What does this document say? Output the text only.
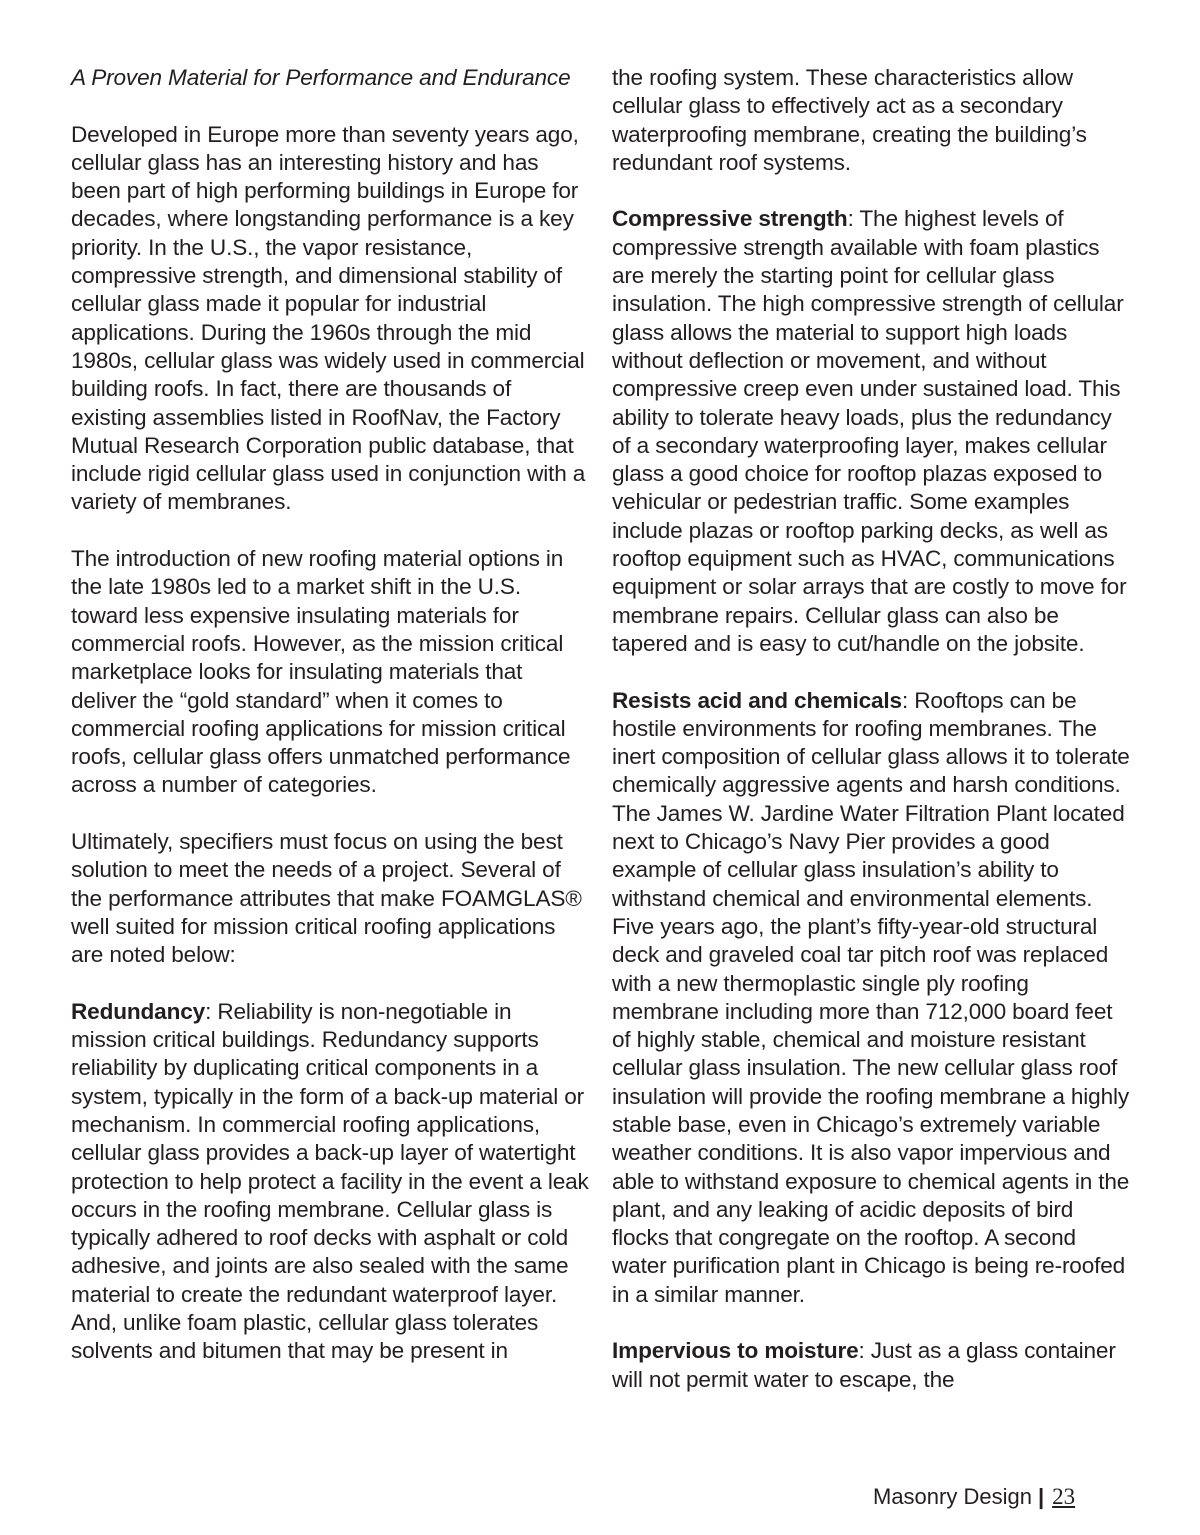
A Proven Material for Performance and Endurance

Developed in Europe more than seventy years ago, cellular glass has an interesting history and has been part of high performing buildings in Europe for decades, where longstanding performance is a key priority. In the U.S., the vapor resistance, compressive strength, and dimensional stability of cellular glass made it popular for industrial applications. During the 1960s through the mid 1980s, cellular glass was widely used in commercial building roofs. In fact, there are thousands of existing assemblies listed in RoofNav, the Factory Mutual Research Corporation public database, that include rigid cellular glass used in conjunction with a variety of membranes.

The introduction of new roofing material options in the late 1980s led to a market shift in the U.S. toward less expensive insulating materials for commercial roofs. However, as the mission critical marketplace looks for insulating materials that deliver the “gold standard” when it comes to commercial roofing applications for mission critical roofs, cellular glass offers unmatched performance across a number of categories.

Ultimately, specifiers must focus on using the best solution to meet the needs of a project. Several of the performance attributes that make FOAMGLAS® well suited for mission critical roofing applications are noted below:

Redundancy: Reliability is non-negotiable in mission critical buildings. Redundancy supports reliability by duplicating critical components in a system, typically in the form of a back-up material or mechanism. In commercial roofing applications, cellular glass provides a back-up layer of watertight protection to help protect a facility in the event a leak occurs in the roofing membrane. Cellular glass is typically adhered to roof decks with asphalt or cold adhesive, and joints are also sealed with the same material to create the redundant waterproof layer. And, unlike foam plastic, cellular glass tolerates solvents and bitumen that may be present in

the roofing system. These characteristics allow cellular glass to effectively act as a secondary waterproofing membrane, creating the building’s redundant roof systems.

Compressive strength: The highest levels of compressive strength available with foam plastics are merely the starting point for cellular glass insulation. The high compressive strength of cellular glass allows the material to support high loads without deflection or movement, and without compressive creep even under sustained load. This ability to tolerate heavy loads, plus the redundancy of a secondary waterproofing layer, makes cellular glass a good choice for rooftop plazas exposed to vehicular or pedestrian traffic. Some examples include plazas or rooftop parking decks, as well as rooftop equipment such as HVAC, communications equipment or solar arrays that are costly to move for membrane repairs. Cellular glass can also be tapered and is easy to cut/handle on the jobsite.

Resists acid and chemicals: Rooftops can be hostile environments for roofing membranes. The inert composition of cellular glass allows it to tolerate chemically aggressive agents and harsh conditions. The James W. Jardine Water Filtration Plant located next to Chicago’s Navy Pier provides a good example of cellular glass insulation’s ability to withstand chemical and environmental elements. Five years ago, the plant’s fifty-year-old structural deck and graveled coal tar pitch roof was replaced with a new thermoplastic single ply roofing membrane including more than 712,000 board feet of highly stable, chemical and moisture resistant cellular glass insulation. The new cellular glass roof insulation will provide the roofing membrane a highly stable base, even in Chicago’s extremely variable weather conditions. It is also vapor impervious and able to withstand exposure to chemical agents in the plant, and any leaking of acidic deposits of bird flocks that congregate on the rooftop. A second water purification plant in Chicago is being re-roofed in a similar manner.

Impervious to moisture: Just as a glass container will not permit water to escape, the

Masonry Design | 23
